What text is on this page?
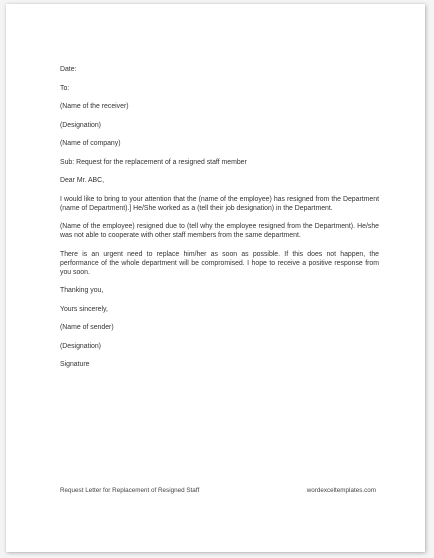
Date:
To:
(Name of the receiver)
(Designation)
(Name of company)
Sub: Request for the replacement of a resigned staff member
Dear Mr. ABC,
I would like to bring to your attention that the (name of the employee) has resigned from the Department (name of Department).] He/She worked as a (tell their job designation) in the Department.
(Name of the employee) resigned due to (tell why the employee resigned from the Department). He/she was not able to cooperate with other staff members from the same department.
There is an urgent need to replace him/her as soon as possible. If this does not happen, the performance of the whole department will be compromised. I hope to receive a positive response from you soon.
Thanking you,
Yours sincerely,
(Name of sender)
(Designation)
Signature
Request Letter for Replacement of Resigned Staff	wordexceltemplates.com
